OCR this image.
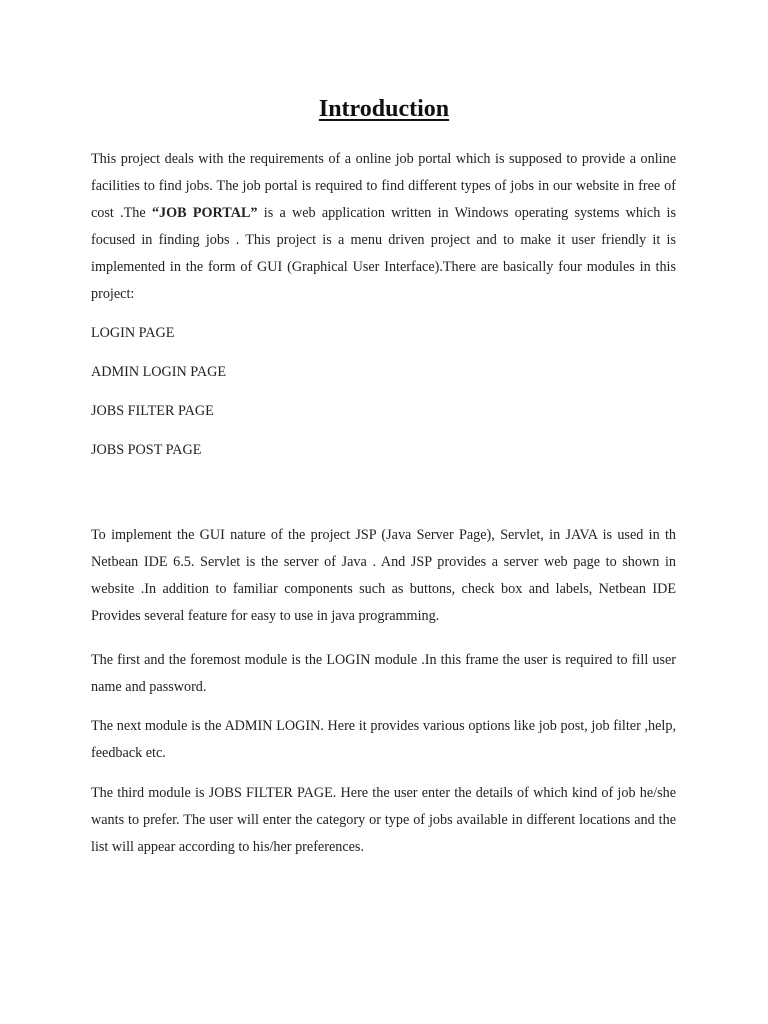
Introduction

This project deals with the requirements of a online job portal which is supposed to provide a online facilities to find jobs. The job portal is required to find different types of jobs in our website in free of cost .The “JOB PORTAL” is a web application written in Windows operating systems which is focused in finding jobs . This project is a menu driven project and to make it user friendly it is implemented in the form of GUI (Graphical User Interface).There are basically four modules in this project:

LOGIN PAGE

ADMIN LOGIN PAGE

JOBS FILTER PAGE

JOBS POST PAGE

To implement the GUI nature of the project JSP (Java Server Page), Servlet, in JAVA is used in th Netbean IDE 6.5. Servlet is the server of Java . And JSP provides a server web page to shown in website .In addition to familiar components such as buttons, check box and labels, Netbean IDE Provides several feature for easy to use in java programming.

The first and the foremost module is the LOGIN module .In this frame the user is required to fill user name and password.

The next module is the ADMIN LOGIN. Here it provides various options like job post, job filter ,help, feedback etc.

The third module is JOBS FILTER PAGE. Here the user enter the details of which kind of job he/she wants to prefer. The user will enter the category or type of jobs available in different locations and the list will appear according to his/her preferences.
